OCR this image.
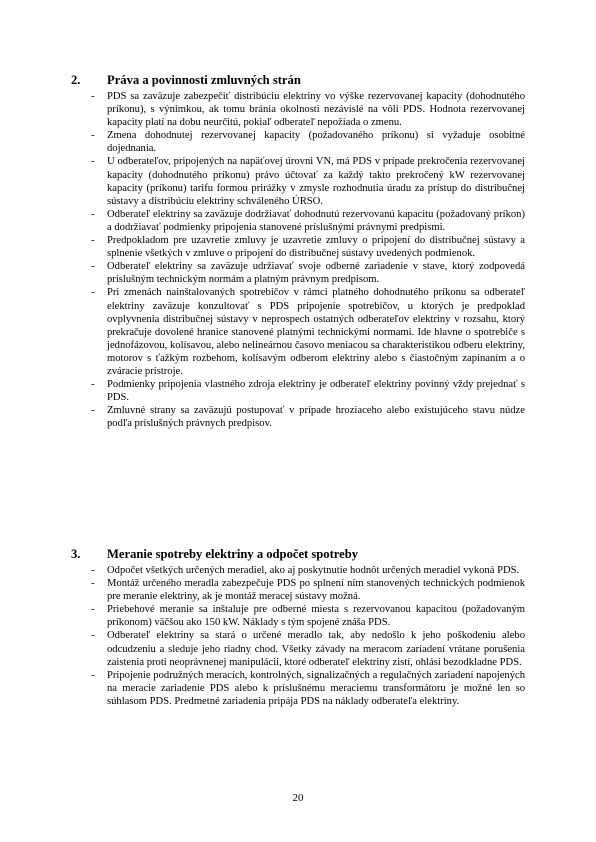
2. Práva a povinnosti zmluvných strán
- PDS sa zaväzuje zabezpečiť distribúciu elektriny vo výške rezervovanej kapacity (dohodnutého príkonu), s výnimkou, ak tomu bránia okolnosti nezávislé na vôli PDS. Hodnota rezervovanej kapacity platí na dobu neurčitú, pokiaľ odberateľ nepožiada o zmenu.
- Zmena dohodnutej rezervovanej kapacity (požadovaného príkonu) si vyžaduje osobitné dojednania.
- U odberateľov, pripojených na napäťovej úrovni VN, má PDS v prípade prekročenia rezervovanej kapacity (dohodnutého príkonu) právo účtovať za každý takto prekročený kW rezervovanej kapacity (príkonu) tarifu formou prirážky v zmysle rozhodnutia úradu za prístup do distribučnej sústavy a distribúciu elektriny schváleného ÚRSO.
- Odberateľ elektriny sa zaväzuje dodržiavať dohodnutú rezervovanú kapacitu (požadovaný príkon) a dodržiavať podmienky pripojenia stanovené príslušnými právnymi predpismi.
- Predpokladom pre uzavretie zmluvy je uzavretie zmluvy o pripojení do distribučnej sústavy a splnenie všetkých v zmluve o pripojení do distribučnej sústavy uvedených podmienok.
- Odberateľ elektriny sa zaväzuje udržiavať svoje odberné zariadenie v stave, ktorý zodpovedá príslušným technickým normám a platným právnym predpisom.
- Pri zmenách nainštalovaných spotrebičov v rámci platného dohodnutého príkonu sa odberateľ elektriny zaväzuje konzultovať s PDS pripojenie spotrebičov, u ktorých je predpoklad ovplyvnenia distribučnej sústavy v neprospech ostatných odberateľov elektriny v rozsahu, ktorý prekračuje dovolené hranice stanovené platnými technickými normami. Ide hlavne o spotrebiče s jednofázovou, kolísavou, alebo nelineárnou časovo meniacou sa charakteristikou odberu elektriny, motorov s ťažkým rozbehom, kolísavým odberom elektriny alebo s čiastočným zapínaním a o zváracie prístroje.
- Podmienky pripojenia vlastného zdroja elektriny je odberateľ elektriny povinný vždy prejednať s PDS.
- Zmluvné strany sa zaväzujú postupovať v prípade hroziaceho alebo existujúceho stavu núdze podľa príslušných právnych predpisov.
3. Meranie spotreby elektriny a odpočet spotreby
- Odpočet všetkých určených meradiel, ako aj poskytnutie hodnôt určených meradiel vykoná PDS.
- Montáž určeného meradla zabezpečuje PDS po splnení ním stanovených technických podmienok pre meranie elektriny, ak je montáž meracej sústavy možná.
- Priebehové meranie sa inštaluje pre odberné miesta s rezervovanou kapacitou (požadovaným príkonom) väčšou ako 150 kW. Náklady s tým spojené znáša PDS.
- Odberateľ elektriny sa stará o určené meradlo tak, aby nedošlo k jeho poškodeniu alebo odcudzeniu a sleduje jeho riadny chod. Všetky závady na meracom zariadení vrátane porušenia zaistenia proti neoprávnenej manipulácii, ktoré odberateľ elektriny zistí, ohlási bezodkladne PDS.
- Pripojenie podružných meracích, kontrolných, signalizačných a regulačných zariadení napojených na meracie zariadenie PDS alebo k príslušnému meraciemu transformátoru je možné len so súhlasom PDS. Predmetné zariadenia pripája PDS na náklady odberateľa elektriny.
20
